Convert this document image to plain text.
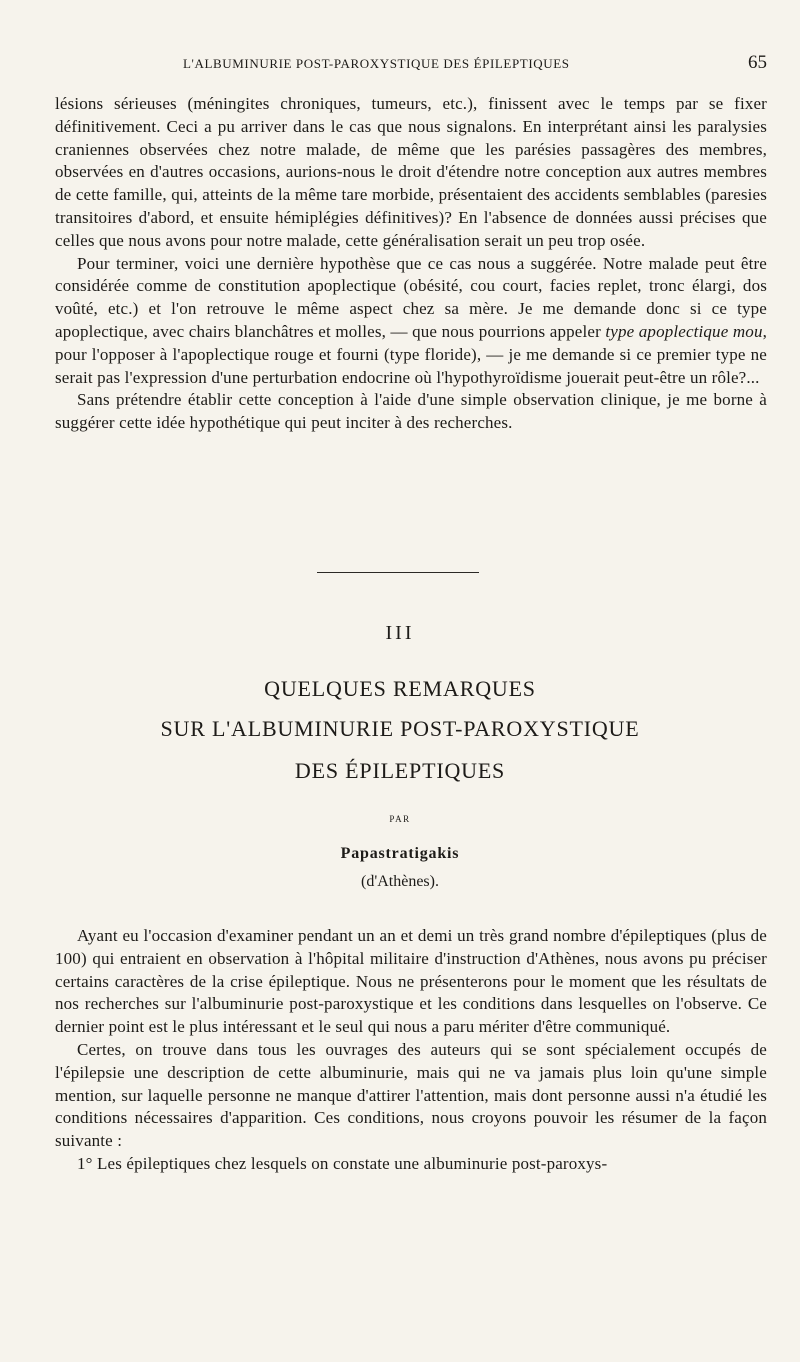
L'ALBUMINURIE POST-PAROXYSTIQUE DES ÉPILEPTIQUES	65

lésions sérieuses (méningites chroniques, tumeurs, etc.), finissent avec le temps par se fixer définitivement. Ceci a pu arriver dans le cas que nous signalons. En interprétant ainsi les paralysies craniennes observées chez notre malade, de même que les parésies passagères des membres, observées en d'autres occasions, aurions-nous le droit d'étendre notre conception aux autres membres de cette famille, qui, atteints de la même tare morbide, présentaient des accidents semblables (paresies transitoires d'abord, et ensuite hémiplégies définitives)? En l'absence de données aussi précises que celles que nous avons pour notre malade, cette généralisation serait un peu trop osée.

Pour terminer, voici une dernière hypothèse que ce cas nous a suggérée. Notre malade peut être considérée comme de constitution apoplectique (obésité, cou court, facies replet, tronc élargi, dos voûté, etc.) et l'on retrouve le même aspect chez sa mère. Je me demande donc si ce type apoplectique, avec chairs blanchâtres et molles, — que nous pourrions appeler type apoplectique mou, pour l'opposer à l'apoplectique rouge et fourni (type floride), — je me demande si ce premier type ne serait pas l'expression d'une perturbation endocrine où l'hypothyroïdisme jouerait peut-être un rôle?...

Sans prétendre établir cette conception à l'aide d'une simple observation clinique, je me borne à suggérer cette idée hypothétique qui peut inciter à des recherches.

III
QUELQUES REMARQUES
SUR L'ALBUMINURIE POST-PAROXYSTIQUE
DES ÉPILEPTIQUES
PAR
Papastratigakis
(d'Athènes).

Ayant eu l'occasion d'examiner pendant un an et demi un très grand nombre d'épileptiques (plus de 100) qui entraient en observation à l'hôpital militaire d'instruction d'Athènes, nous avons pu préciser certains caractères de la crise épileptique. Nous ne présenterons pour le moment que les résultats de nos recherches sur l'albuminurie post-paroxystique et les conditions dans lesquelles on l'observe. Ce dernier point est le plus intéressant et le seul qui nous a paru mériter d'être communiqué.

Certes, on trouve dans tous les ouvrages des auteurs qui se sont spécialement occupés de l'épilepsie une description de cette albuminurie, mais qui ne va jamais plus loin qu'une simple mention, sur laquelle personne ne manque d'attirer l'attention, mais dont personne aussi n'a étudié les conditions nécessaires d'apparition. Ces conditions, nous croyons pouvoir les résumer de la façon suivante :

1° Les épileptiques chez lesquels on constate une albuminurie post-paroxys-
